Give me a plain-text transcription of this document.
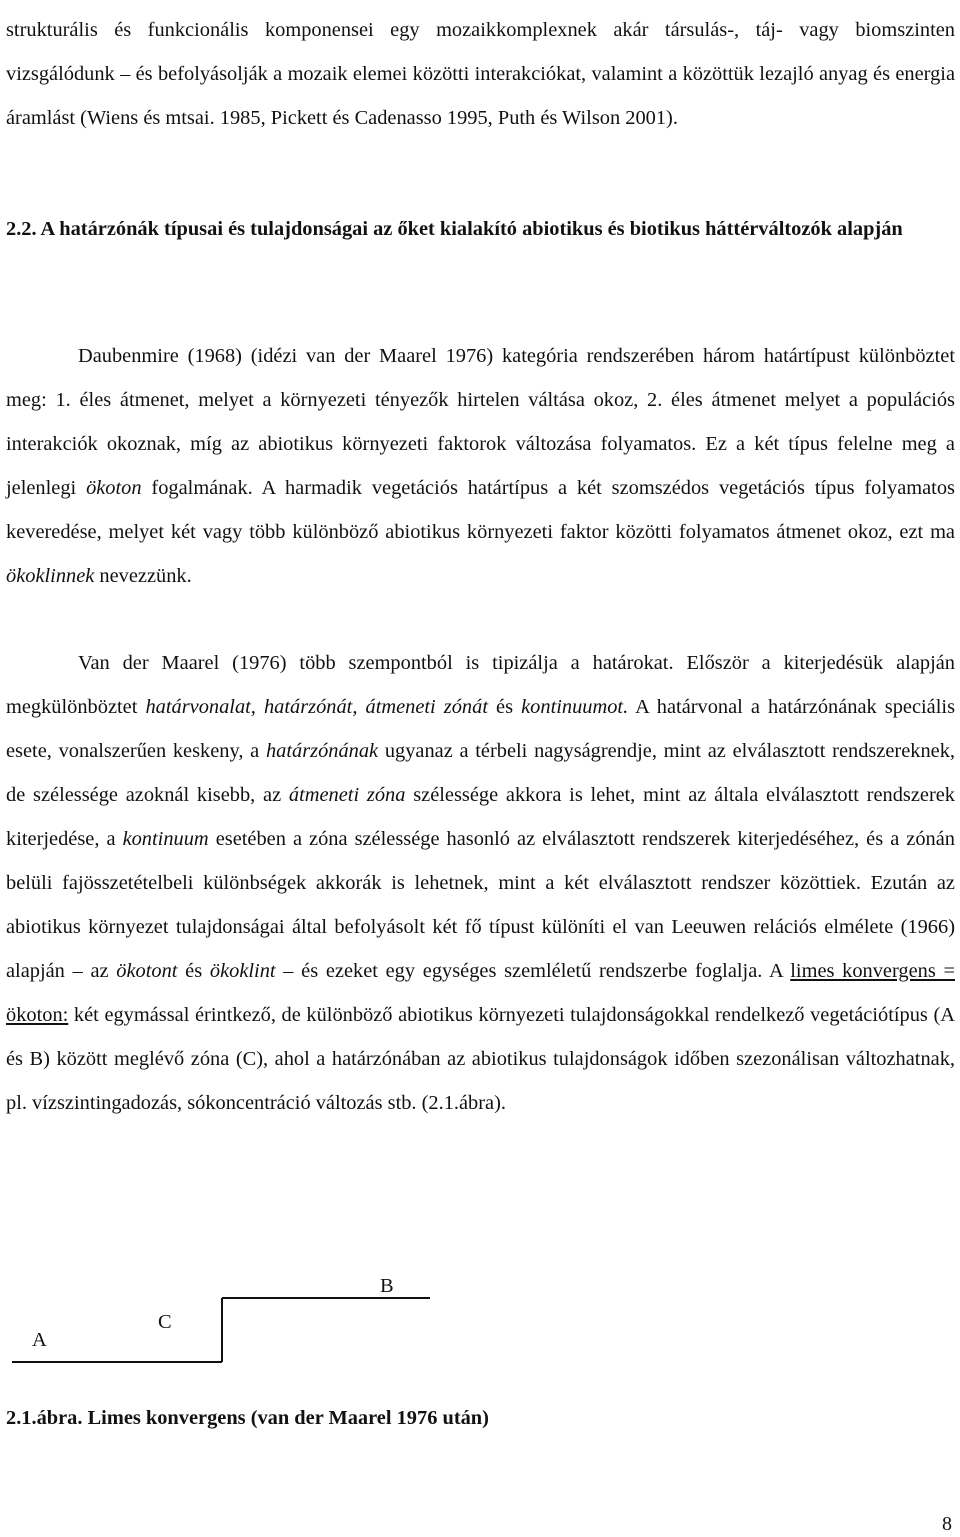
strukturális és funkcionális komponensei egy mozaikkomplexnek akár társulás-, táj- vagy biomszinten vizsgálódunk – és befolyásolják a mozaik elemei közötti interakciókat, valamint a közöttük lezajló anyag és energia áramlást (Wiens és mtsai. 1985, Pickett és Cadenasso 1995, Puth és Wilson 2001).

2.2. A határzónák típusai és tulajdonságai az őket kialakító abiotikus és biotikus háttérváltozók alapján

Daubenmire (1968) (idézi van der Maarel 1976) kategória rendszerében három határtípust különböztet meg: 1. éles átmenet, melyet a környezeti tényezők hirtelen váltása okoz, 2. éles átmenet melyet a populációs interakciók okoznak, míg az abiotikus környezeti faktorok változása folyamatos. Ez a két típus felelne meg a jelenlegi ökoton fogalmának. A harmadik vegetációs határtípus a két szomszédos vegetációs típus folyamatos keveredése, melyet két vagy több különböző abiotikus környezeti faktor közötti folyamatos átmenet okoz, ezt ma ökoklinnek nevezzünk.

Van der Maarel (1976) több szempontból is tipizálja a határokat. Először a kiterjedésük alapján megkülönböztet határvonalat, határzónát, átmeneti zónát és kontinuumot. A határvonal a határzónának speciális esete, vonalszerűen keskeny, a határzónának ugyanaz a térbeli nagyságrendje, mint az elválasztott rendszereknek, de szélessége azoknál kisebb, az átmeneti zóna szélessége akkora is lehet, mint az általa elválasztott rendszerek kiterjedése, a kontinuum esetében a zóna szélessége hasonló az elválasztott rendszerek kiterjedéséhez, és a zónán belüli fajösszetételbeli különbségek akkorák is lehetnek, mint a két elválasztott rendszer közöttiek. Ezután az abiotikus környezet tulajdonságai által befolyásolt két fő típust különíti el van Leeuwen relációs elmélete (1966) alapján – az ökotont és ökoklint – és ezeket egy egységes szemléletű rendszerbe foglalja. A limes konvergens = ökoton: két egymással érintkező, de különböző abiotikus környezeti tulajdonságokkal rendelkező vegetációtípus (A és B) között meglévő zóna (C), ahol a határzónában az abiotikus tulajdonságok időben szezonálisan változhatnak, pl. vízszintingadozás, sókoncentráció változás stb. (2.1.ábra).

A
C
B

2.1.ábra. Limes konvergens (van der Maarel 1976 után)

8
